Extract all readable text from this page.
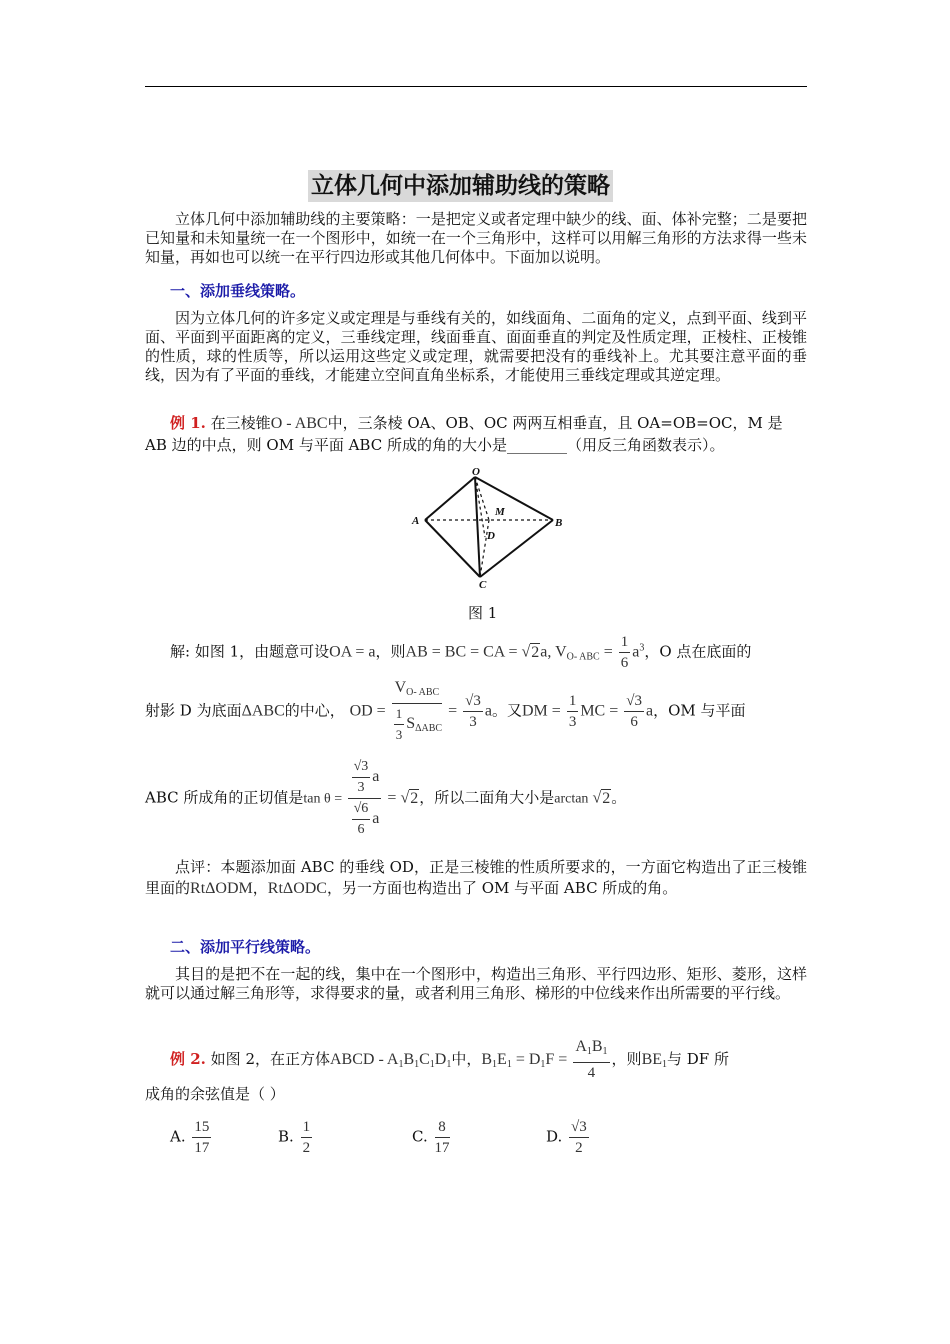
立体几何中添加辅助线的策略
立体几何中添加辅助线的主要策略：一是把定义或者定理中缺少的线、面、体补完整；二是要把已知量和未知量统一在一个图形中，如统一在一个三角形中，这样可以用解三角形的方法求得一些未知量，再如也可以统一在平行四边形或其他几何体中。下面加以说明。
一、添加垂线策略。
因为立体几何的许多定义或定理是与垂线有关的，如线面角、二面角的定义，点到平面、线到平面、平面到平面距离的定义，三垂线定理，线面垂直、面面垂直的判定及性质定理，正棱柱、正棱锥的性质，球的性质等，所以运用这些定义或定理，就需要把没有的垂线补上。尤其要注意平面的垂线，因为有了平面的垂线，才能建立空间直角坐标系，才能使用三垂线定理或其逆定理。
例 1. 在三棱锥O - ABC中，三条棱 OA、OB、OC 两两互相垂直，且 OA=OB=OC，M 是
AB 边的中点，则 OM 与平面 ABC 所成的角的大小是________（用反三角函数表示）。
O
A	B
C
M
D
图 1
解: 如图 1，由题意可设OA = a，则AB = BC = CA = √2a, $V_{O- ABC} = \frac{1}{6} a^3$，O 点在底面的
射影 D 为底面ΔABC的中心， OD = $\frac{V_{O- ABC}}{\frac{1}{3} S_{\Delta ABC}} = \frac{√3}{3}$ a。又DM = $\frac{1}{3}$ MC = $\frac{√3}{6}$ a，OM 与平面
ABC 所成角的正切值是$\tan \theta = \frac{\frac{√3}{3} a}{\frac{√6}{6} a} = √2$，所以二面角大小是arctan √2。
点评：本题添加面 ABC 的垂线 OD，正是三棱锥的性质所要求的，一方面它构造出了正三棱锥里面的RtΔODM，RtΔODC，另一方面也构造出了 OM 与平面 ABC 所成的角。
二、添加平行线策略。
其目的是把不在一起的线，集中在一个图形中，构造出三角形、平行四边形、矩形、菱形，这样就可以通过解三角形等，求得要求的量，或者利用三角形、梯形的中位线来作出所需要的平行线。
例 2. 如图 2，在正方体ABCD - $A_1B_1C_1D_1$中，$B_1E_1 = D_1F = \frac{A_1B_1}{4}$ ，则$BE_1$与 DF 所
成角的余弦值是（ ）
A. $\frac{15}{17}$	B. $\frac{1}{2}$	C. $\frac{8}{17}$	D. $\frac{√3}{2}$
